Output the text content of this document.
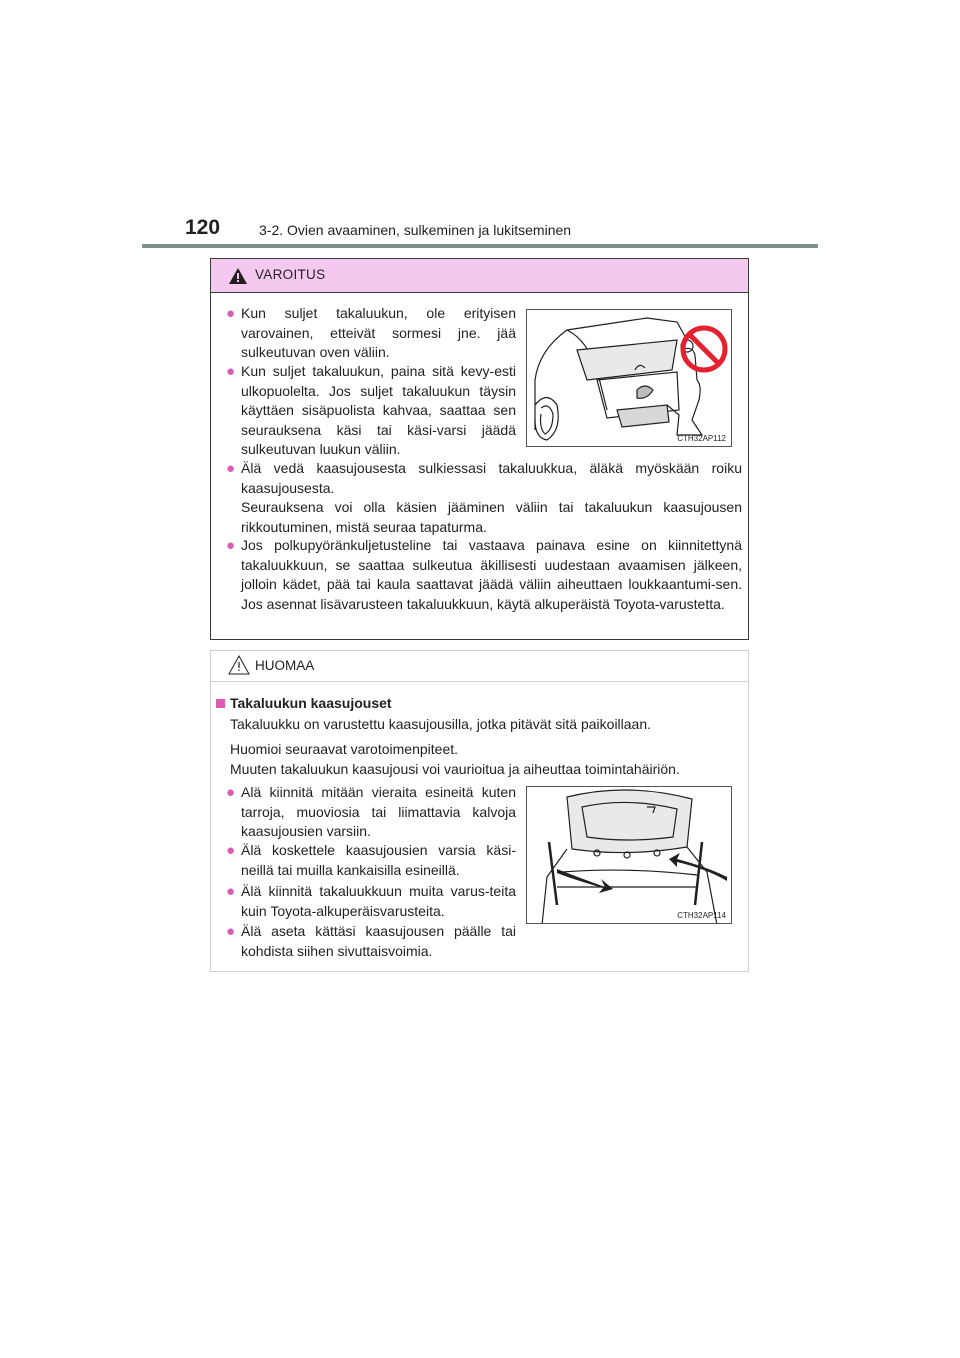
120	3-2. Ovien avaaminen, sulkeminen ja lukitseminen
VAROITUS
● Kun suljet takaluukun, ole erityisen varovainen, etteivät sormesi jne. jää sulkeutuvan oven väliin.
● Kun suljet takaluukun, paina sitä kevy-esti ulkopuolelta. Jos suljet takaluukun täysin käyttäen sisäpuolista kahvaa, saattaa sen seurauksena käsi tai käsi-varsi jäädä sulkeutuvan luukun väliin.
● Älä vedä kaasujousesta sulkiessasi takaluukkua, äläkä myöskään roiku kaasujousesta.
Seurauksena voi olla käsien jääminen väliin tai takaluukun kaasujousen rikkoutuminen, mistä seuraa tapaturma.
● Jos polkupyöränkuljetusteline tai vastaava painava esine on kiinnitettynä takaluukkuun, se saattaa sulkeutua äkillisesti uudestaan avaamisen jälkeen, jolloin kädet, pää tai kaula saattavat jäädä väliin aiheuttaen loukkaantumi-sen. Jos asennat lisävarusteen takaluukkuun, käytä alkuperäistä Toyota-varustetta.
CTH32AP112
HUOMAA
Takaluukun kaasujouset
Takaluukku on varustettu kaasujousilla, jotka pitävät sitä paikoillaan.
Huomioi seuraavat varotoimenpiteet.
Muuten takaluukun kaasujousi voi vaurioitua ja aiheuttaa toimintahäiriön.
● Alä kiinnitä mitään vieraita esineitä kuten tarroja, muoviosia tai liimattavia kalvoja kaasujousien varsiin.
● Älä koskettele kaasujousien varsia käsi-neillä tai muilla kankaisilla esineillä.
● Älä kiinnitä takaluukkuun muita varus-teita kuin Toyota-alkuperäisvarusteita.
● Älä aseta kättäsi kaasujousen päälle tai kohdista siihen sivuttaisvoimia.
CTH32AP114
